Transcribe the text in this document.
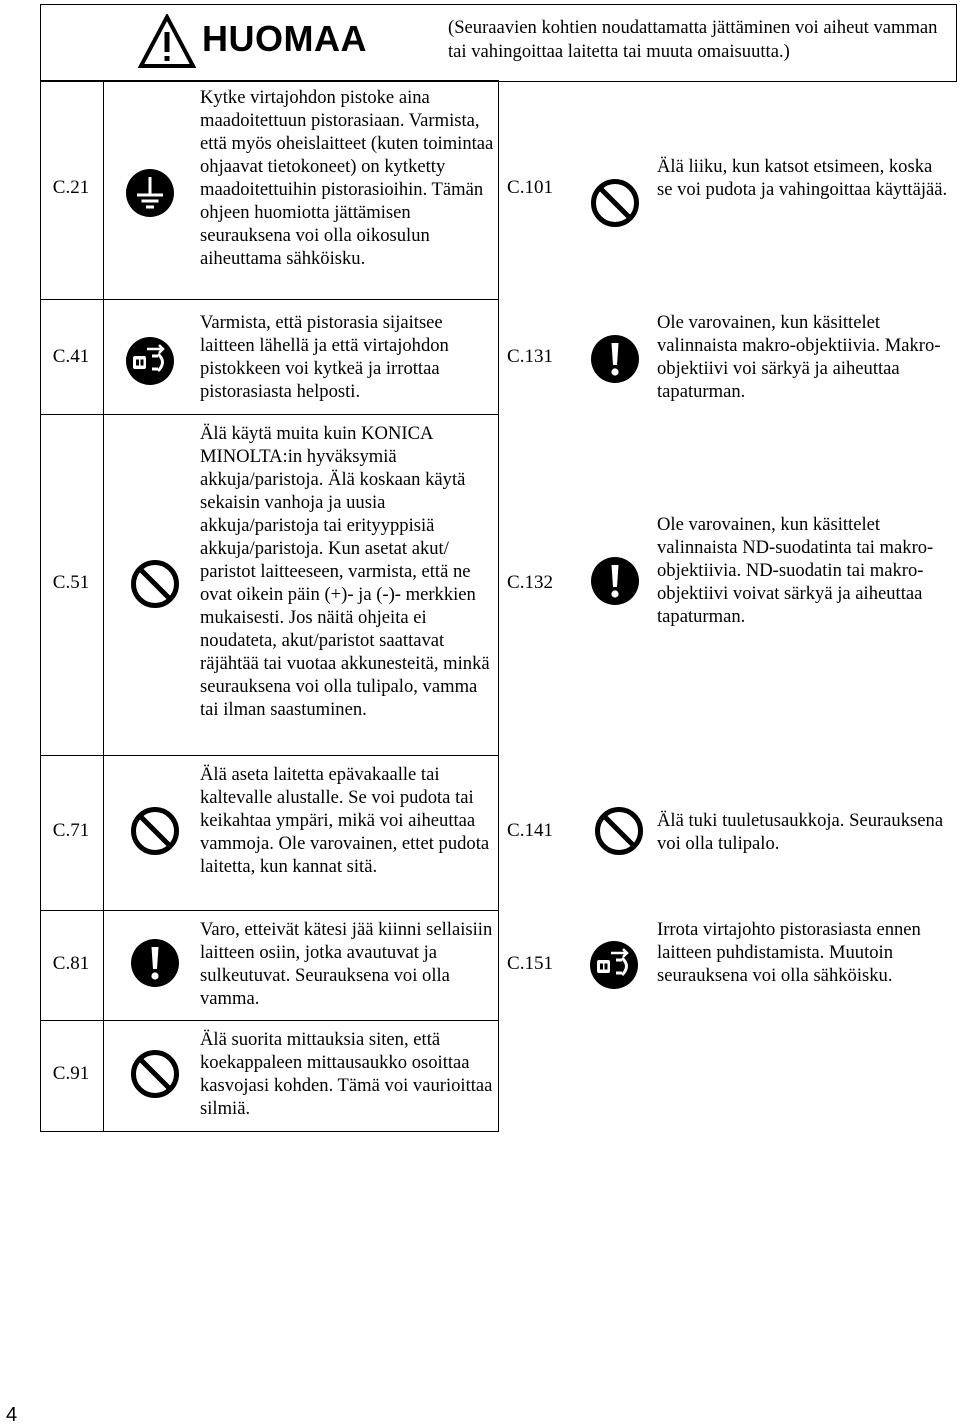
HUOMAA	(Seuraavien kohtien noudattamatta jättäminen voi aiheut vamman tai vahingoittaa laitetta tai muuta omaisuutta.)
C.21
Kytke virtajohdon pistoke aina maadoitettuun pistorasiaan. Varmista, että myös oheislaitteet (kuten toimintaa ohjaavat tietokoneet) on kytketty maadoitettuihin pistorasioihin. Tämän ohjeen huomiotta jättämisen seurauksena voi olla oikosulun aiheuttama sähköisku.
C.41
Varmista, että pistorasia sijaitsee laitteen lähellä ja että virtajohdon pistokkeen voi kytkeä ja irrottaa pistorasiasta helposti.
C.51
Älä käytä muita kuin KONICA MINOLTA:in hyväksymiä akkuja/paristoja. Älä koskaan käytä sekaisin vanhoja ja uusia akkuja/paristoja tai erityyppisiä akkuja/paristoja. Kun asetat akut/ paristot laitteeseen, varmista, että ne ovat oikein päin (+)- ja (-)- merkkien mukaisesti. Jos näitä ohjeita ei noudateta, akut/paristot saattavat räjähtää tai vuotaa akkunesteitä, minkä seurauksena voi olla tulipalo, vamma tai ilman saastuminen.
C.71
Älä aseta laitetta epävakaalle tai kaltevalle alustalle. Se voi pudota tai keikahtaa ympäri, mikä voi aiheuttaa vammoja. Ole varovainen, ettet pudota laitetta, kun kannat sitä.
C.81
Varo, etteivät kätesi jää kiinni sellaisiin laitteen osiin, jotka avautuvat ja sulkeutuvat. Seurauksena voi olla vamma.
C.91
Älä suorita mittauksia siten, että koekappaleen mittausaukko osoittaa kasvojasi kohden. Tämä voi vaurioittaa silmiä.
C.101
Älä liiku, kun katsot etsimeen, koska se voi pudota ja vahingoittaa käyttäjää.
C.131
Ole varovainen, kun käsittelet valinnaista makro-objektiivia. Makro-objektiivi voi särkyä ja aiheuttaa tapaturman.
C.132
Ole varovainen, kun käsittelet valinnaista ND-suodatinta tai makro-objektiivia. ND-suodatin tai makro-objektiivi voivat särkyä ja aiheuttaa tapaturman.
C.141	Älä tuki tuuletusaukkoja. Seurauksena voi olla tulipalo.
C.151
Irrota virtajohto pistorasiasta ennen laitteen puhdistamista. Muutoin seurauksena voi olla sähköisku.
4
